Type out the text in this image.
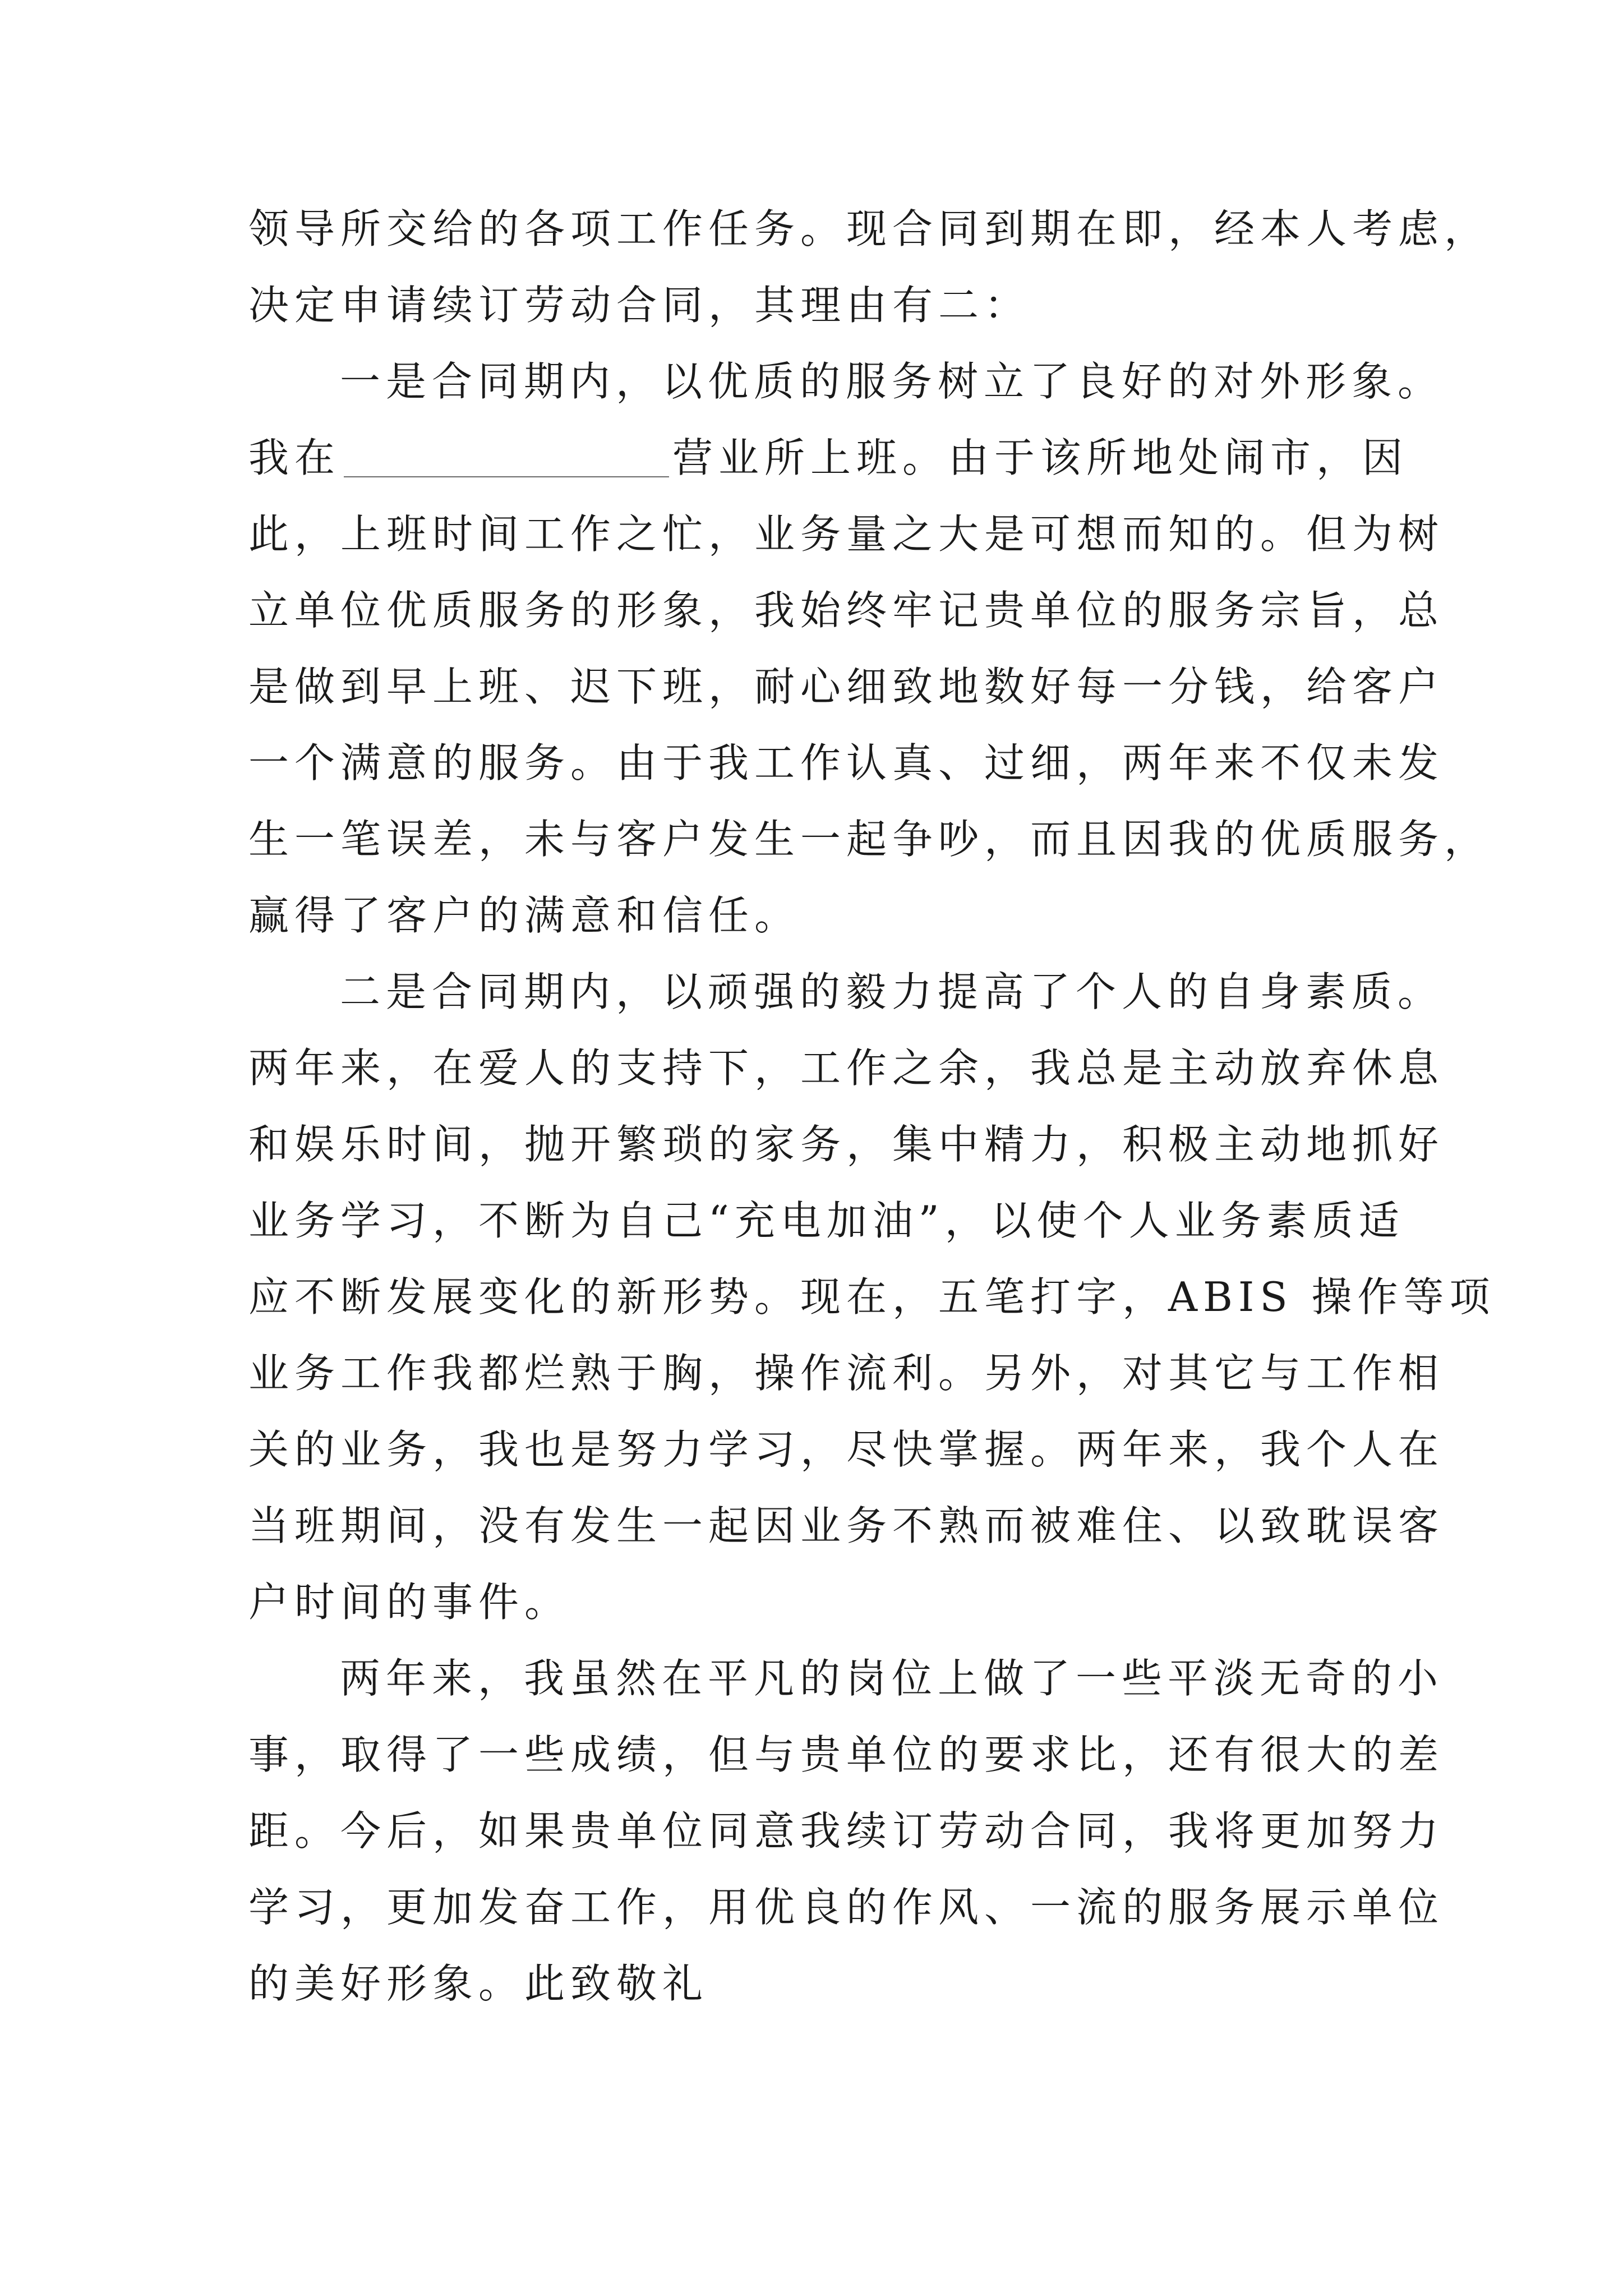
领导所交给的各项工作任务。现合同到期在即，经本人考虑，
决定申请续订劳动合同，其理由有二：
一是合同期内，以优质的服务树立了良好的对外形象。
我在	营业所上班。由于该所地处闹市，因
此，上班时间工作之忙，业务量之大是可想而知的。但为树
立单位优质服务的形象，我始终牢记贵单位的服务宗旨，总
是做到早上班、迟下班，耐心细致地数好每一分钱，给客户
一个满意的服务。由于我工作认真、过细，两年来不仅未发
生一笔误差，未与客户发生一起争吵，而且因我的优质服务，
赢得了客户的满意和信任。
二是合同期内，以顽强的毅力提高了个人的自身素质。
两年来，在爱人的支持下，工作之余，我总是主动放弃休息
和娱乐时间，抛开繁琐的家务，集中精力，积极主动地抓好
业务学习，不断为自己“充电加油”，以使个人业务素质适
应不断发展变化的新形势。现在，五笔打字，ABIS 操作等项
业务工作我都烂熟于胸，操作流利。另外，对其它与工作相
关的业务，我也是努力学习，尽快掌握。两年来，我个人在
当班期间，没有发生一起因业务不熟而被难住、以致耽误客
户时间的事件。
两年来，我虽然在平凡的岗位上做了一些平淡无奇的小
事，取得了一些成绩，但与贵单位的要求比，还有很大的差
距。今后，如果贵单位同意我续订劳动合同，我将更加努力
学习，更加发奋工作，用优良的作风、一流的服务展示单位
的美好形象。此致敬礼
